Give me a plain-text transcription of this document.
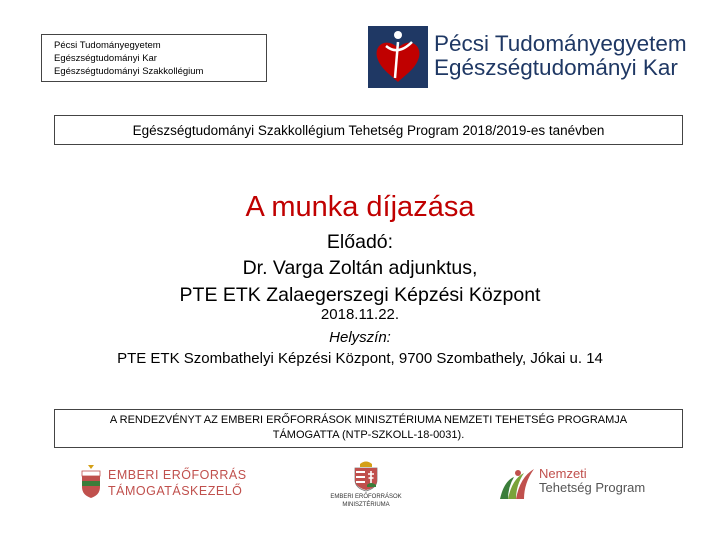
Pécsi Tudományegyetem
Egészségtudományi Kar
Egészségtudományi Szakkollégium
Pécsi Tudományegyetem
Egészségtudományi Kar
Egészségtudományi Szakkollégium Tehetség Program 2018/2019-es tanévben
A munka díjazása
Előadó:
Dr. Varga Zoltán adjunktus,
PTE ETK Zalaegerszegi Képzési Központ
2018.11.22.
Helyszín:
PTE ETK Szombathelyi Képzési Központ, 9700 Szombathely, Jókai u. 14
A RENDEZVÉNYT AZ EMBERI ERŐFORRÁSOK MINISZTÉRIUMA NEMZETI TEHETSÉG PROGRAMJA
TÁMOGATTA (NTP-SZKOLL-18-0031).
EMBERI ERŐFORRÁS
TÁMOGATÁSKEZELŐ	EMBERI ERŐFORRÁSOK
MINISZTÉRIUMA
Nemzeti
Tehetség Program
